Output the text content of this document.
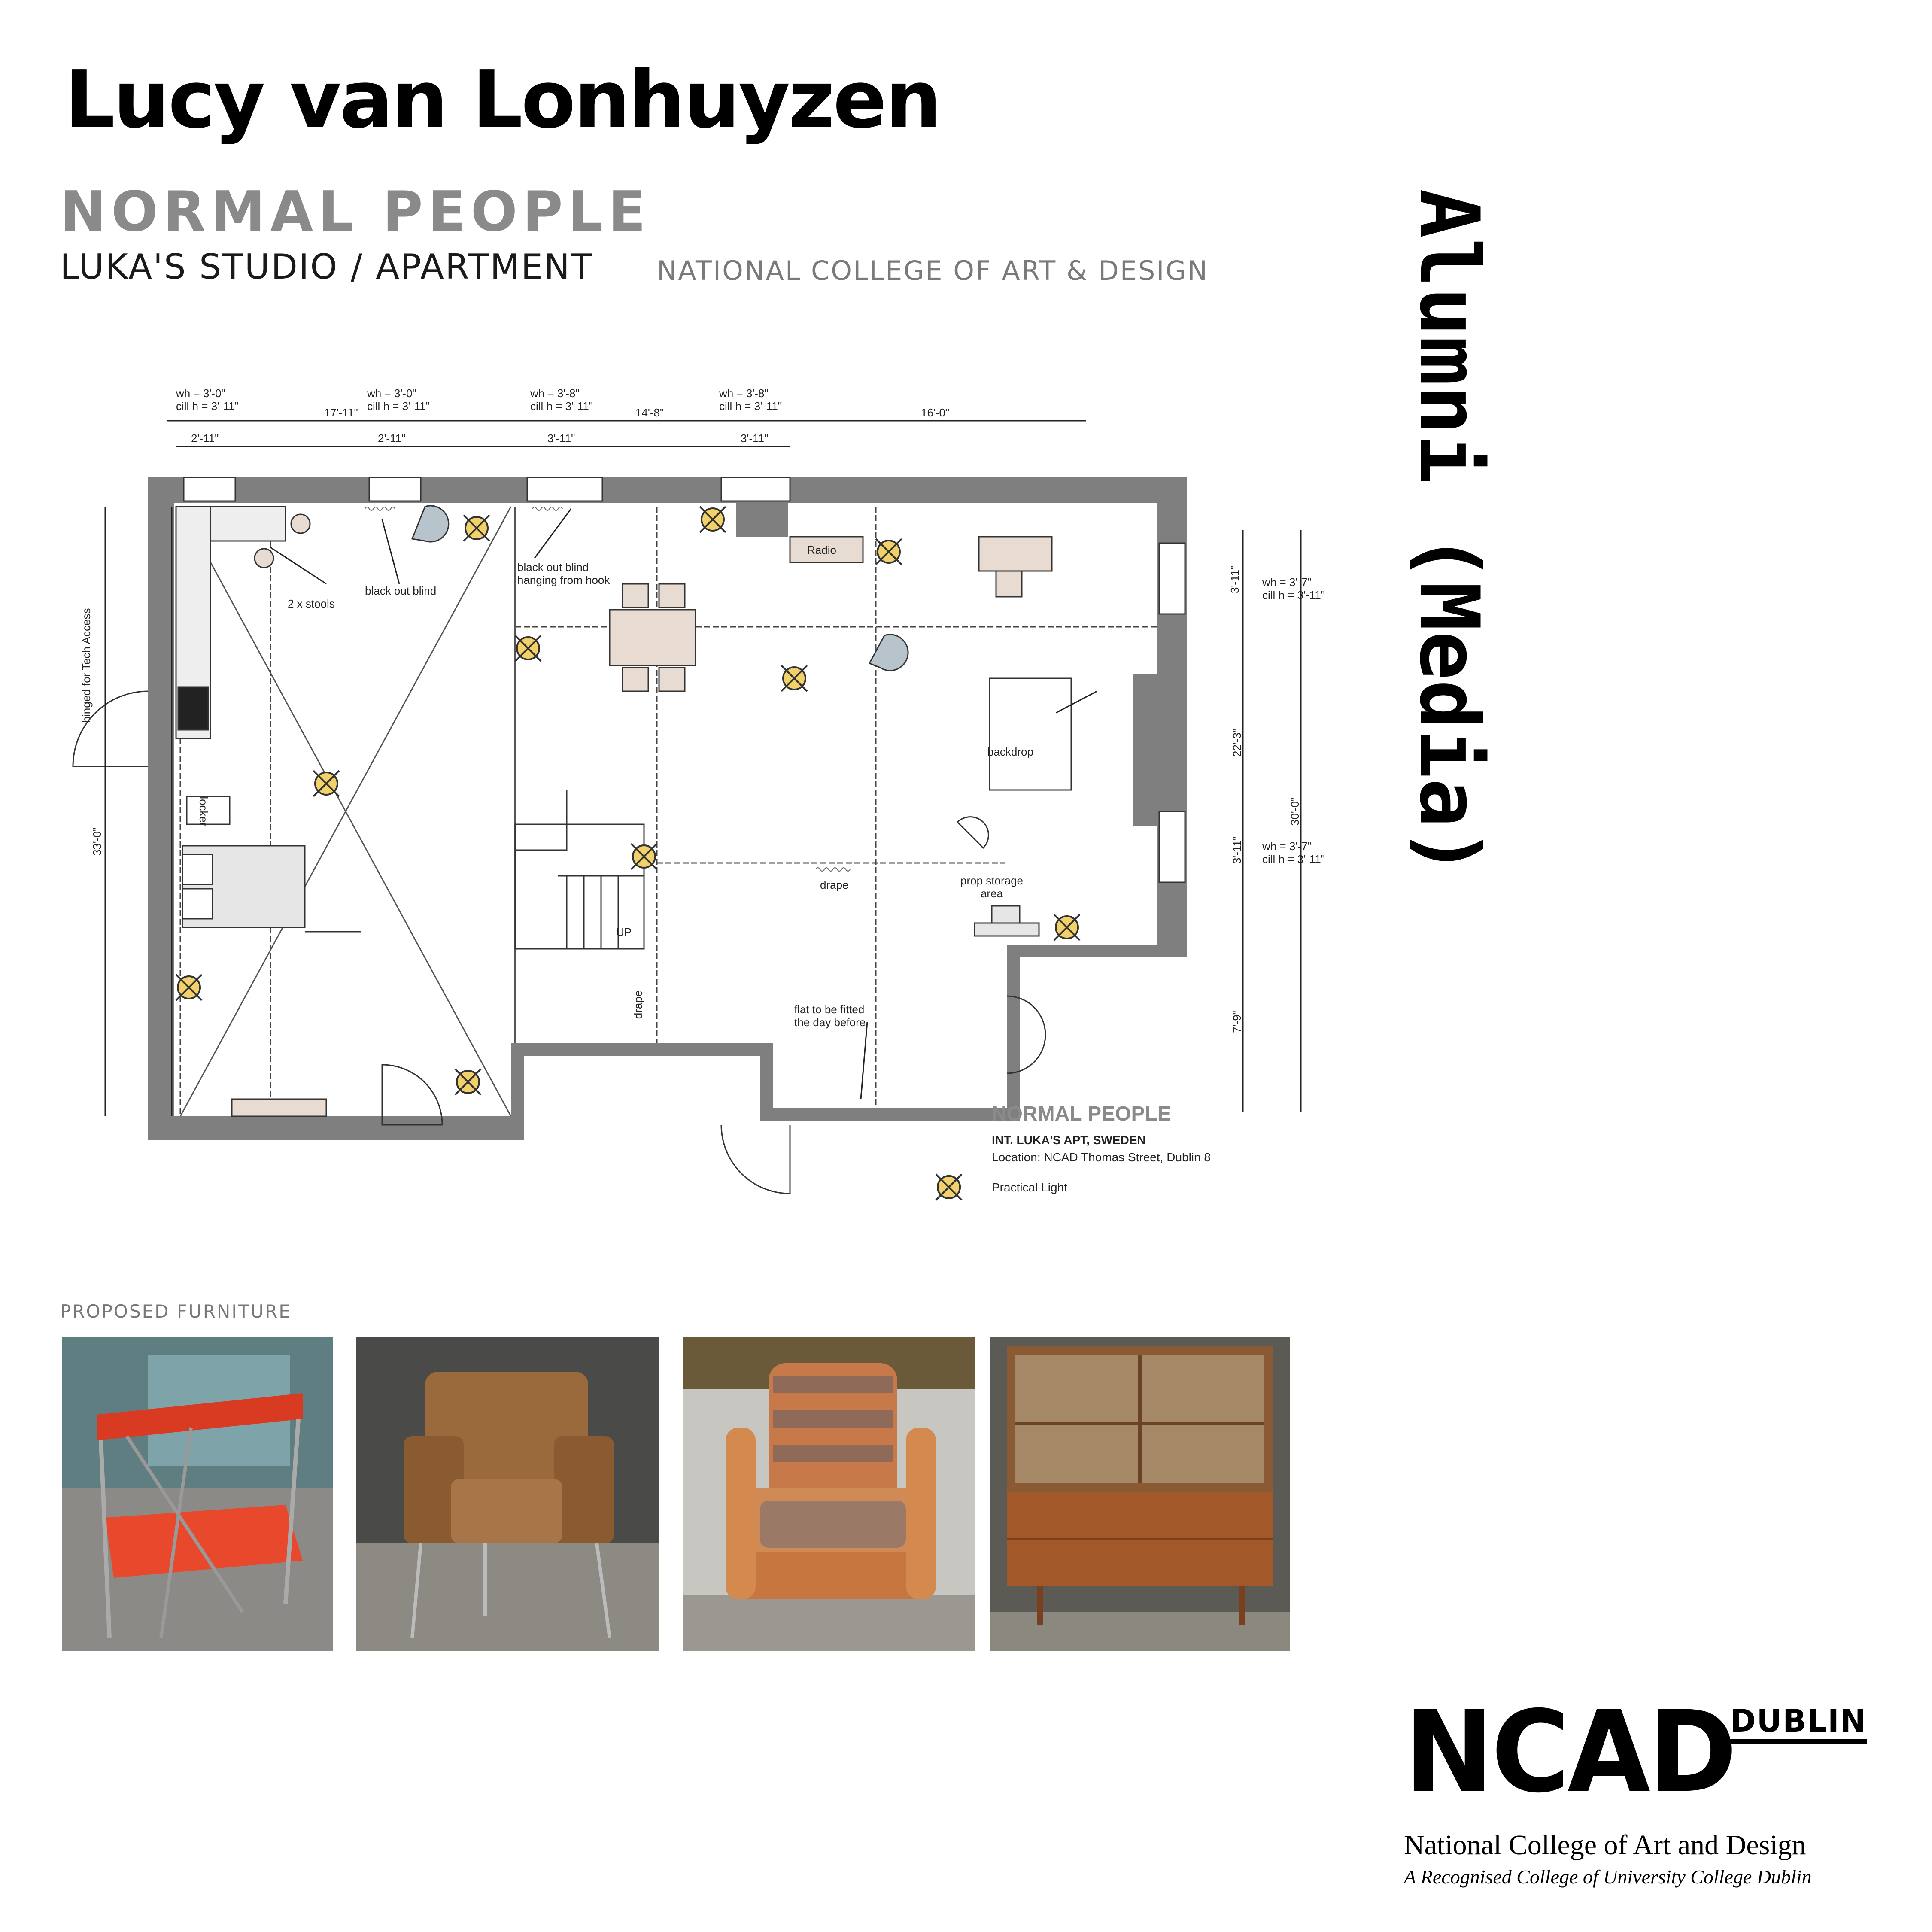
Lucy van Lonhuyzen
NORMAL PEOPLE
LUKA'S STUDIO / APARTMENT NATIONAL COLLEGE OF ART & DESIGN Alumni (Media)
wh = 3'-0"
cill h = 3'-11"
wh = 3'-0"
cill h = 3'-11"
17'-11"
2'-11"	2'-11"
wh = 3'-8"
cill h = 3'-11"	14'-8"
wh = 3'-8"
cill h = 3'-11"	16'-0"
3'-11"	3'-11"
3'-11" wh = 3'-7"
cill h = 3'-11"
22'-3"
30'-0"
3'-11" wh = 3'-7"
cill h = 3'-11"
7'-9"
hinged for Tech Access
33'-0"
2 x stools
black out blind
black out blind
hanging from hook
Radio
backdrop
locker
prop storage
area
drape
drape
UP
flat to be fitted
the day before
NORMAL PEOPLE
INT. LUKA'S APT, SWEDEN
Location: NCAD Thomas Street, Dublin 8
Practical Light
PROPOSED FURNITURE
NCAD
DUBLIN
National College of Art and Design
A Recognised College of University College Dublin
